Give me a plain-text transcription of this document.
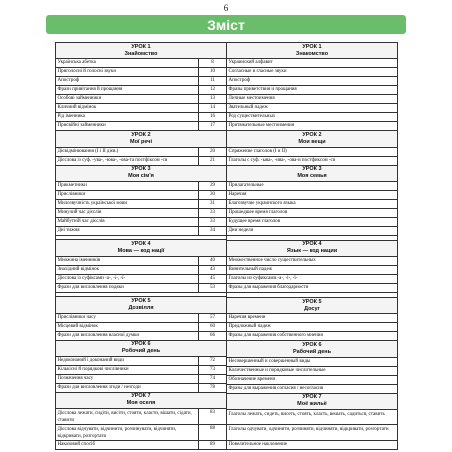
6
Зміст
УРОК 1
Знайомство
Українська абетка	8
Приголосні й голосні звуки	10
Апостроф	11
Фрази привітання й прощання	12
Особові займенники	13
Кличний відмінок	14
Рід іменника	16
Присвійні займенники	17
УРОК 2
Мої речі
Дієвідмінювання (I і II дієв.)	20
Дієслова із суф. -ува-, -юва-, -ова-та постфіксом -ся	21
УРОК 3
Моя сім'я
Прикметники	29
Прислівники	30
Милозвучність української мови	31
Минулий час дієслів	33
Майбутній час дієслів	33
Дні тижня	34
УРОК 4
Мова — код нації
Множина іменників	40
Знахідний відмінок	43
Дієслова із суфіксами -а-, -і-, -ї-	45
Фрази для висловлення подяки	53
УРОК 5
Дозвілля
Прислівники часу	57
Місцевий відмінок	60
Фрази для висловлення власної думки	66
УРОК 6
Робочий день
Недоконаний і доконаний види	72
Кількісні й порядкові числівники	73
Позначення часу	74
Фрази для висловлення згоди / незгоди	78
УРОК 7
Моя оселя
Дієслова лежати, сидіти, висіти, стояти, класти, вішати, сідати, ставити
83
Дієслова відчувати, відчинити, розчинувати, відчиняти, відкривати, розгортати
88
Наказовий спосіб	89
УРОК 1
Знакомство
Украинский алфавит
Согласные и гласные звуки
Апостроф
Фразы приветствия и прощания
Личные местоимения
Звательный падеж
Род существительных
Притяжательные местоимения
УРОК 2
Мои вещи
Спряжение глаголов (I и II)
Глаголы с суф. -ыва-, -ива-, -ова-и постфиксом -ся
УРОК 3
Моя семья
Прилагательные
Наречия
Благозвучие украинского языка
Прошедшее время глаголов
Будущее время глаголов
Дни недели
УРОК 4
Язык — код нации
Множественное число существительных
Винительный падеж
Глаголы из суфиксами -а-, -і-, -ї-
Фразы для выражения благодарности
УРОК 5
Досуг
Наречия времени
Предложный падеж
Фразы для выражения собственного мнения
УРОК 6
Рабочий день
Несовершенный и совершенный виды
Количественные и порядковые числительные
Обозначение времени
Фразы для выражения согласия / несогласия
УРОК 7
Моё жильё
Глаголы лежать, сидеть, висеть, стоять, класть, вешать, садиться, ставить
Глаголы одчувати, одчинити, розчиняти, відчиняти, відкривати, розгортати
Повелительное наклонение
